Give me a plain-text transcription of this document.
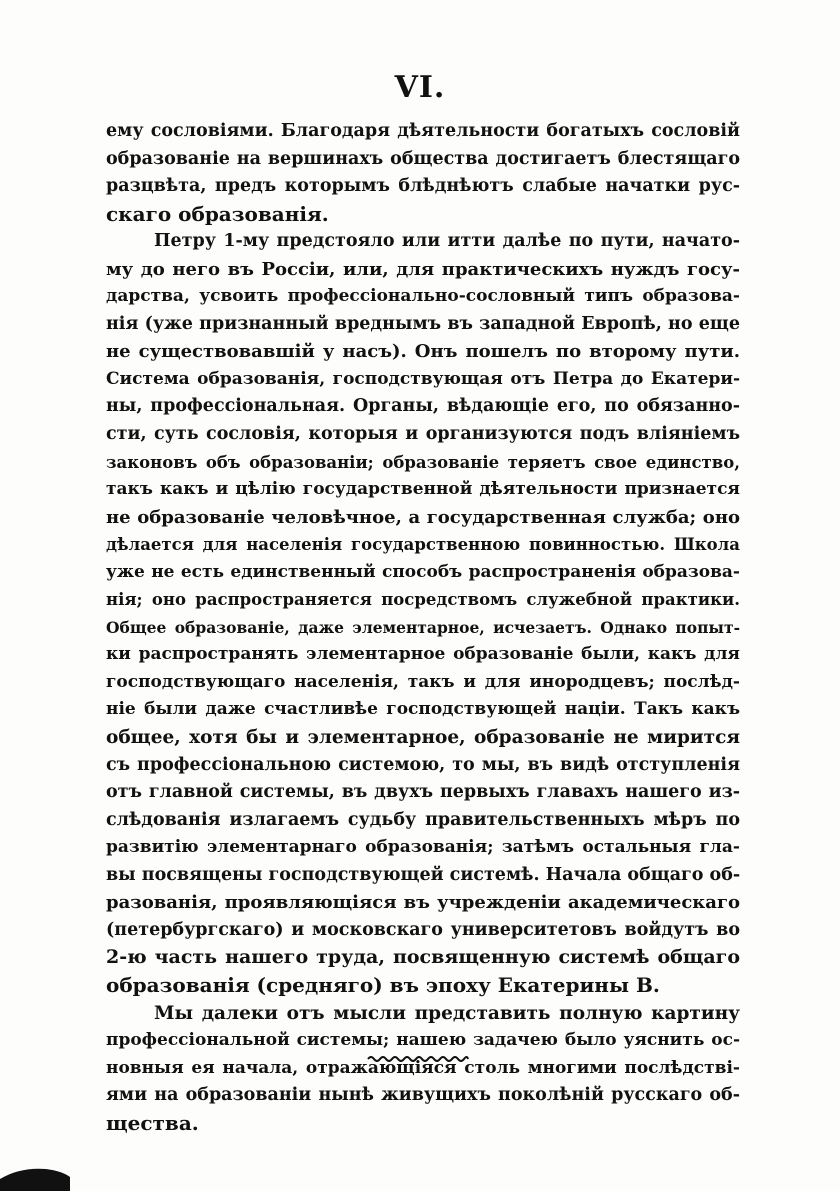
VI.
ему сословіями. Благодаря дѣятельности богатыхъ сословій
образованіе на вершинахъ общества достигаетъ блестящаго
разцвѣта, предъ которымъ блѣднѣютъ слабые начатки рус-
скаго образованія.
Петру 1-му предстояло или итти далѣе по пути, начато-
му до него въ Россіи, или, для практическихъ нуждъ госу-
дарства, усвоить профессіонально-сословный типъ образова-
нія (уже признанный вреднымъ въ западной Европѣ, но еще
не существовавшій у насъ). Онъ пошелъ по второму пути.
Система образованія, господствующая отъ Петра до Екатери-
ны, профессіональная. Органы, вѣдающіе его, по обязанно-
сти, суть сословія, которыя и организуются подъ вліяніемъ
законовъ объ образованіи; образованіе теряетъ свое единство,
такъ какъ и цѣлію государственной дѣятельности признается
не образованіе человѣчное, а государственная служба; оно
дѣлается для населенія государственною повинностью. Школа
уже не есть единственный способъ распространенія образова-
нія; оно распространяется посредствомъ служебной практики.
Общее образованіе, даже элементарное, исчезаетъ. Однако попыт-
ки распространять элементарное образованіе были, какъ для
господствующаго населенія, такъ и для инородцевъ; послѣд-
ніе были даже счастливѣе господствующей націи. Такъ какъ
общее, хотя бы и элементарное, образованіе не мирится
съ профессіональною системою, то мы, въ видѣ отступленія
отъ главной системы, въ двухъ первыхъ главахъ нашего из-
слѣдованія излагаемъ судьбу правительственныхъ мѣръ по
развитію элементарнаго образованія; затѣмъ остальныя гла-
вы посвящены господствующей системѣ. Начала общаго об-
разованія, проявляющіяся въ учрежденіи академическаго
(петербургскаго) и московскаго университетовъ войдутъ во
2-ю часть нашего труда, посвященную системѣ общаго
образованія (средняго) въ эпоху Екатерины В.
Мы далеки отъ мысли представить полную картину
профессіональной системы; нашею задачею было уяснить ос-
новныя ея начала, отражающіяся столь многими послѣдстві-
ями на образованіи нынѣ живущихъ поколѣній русскаго об-
щества.
